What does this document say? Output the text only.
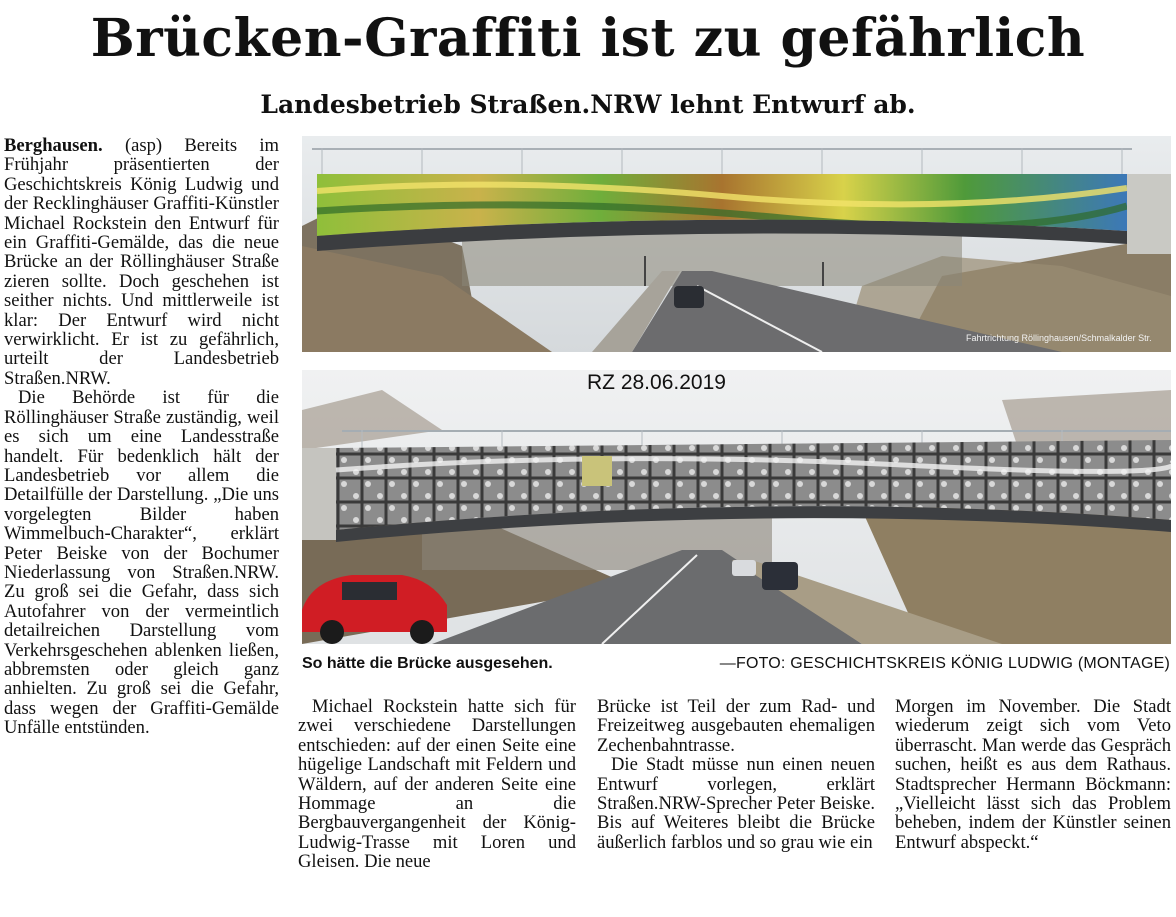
Brücken-Graffiti ist zu gefährlich
Landesbetrieb Straßen.NRW lehnt Entwurf ab.

Berghausen. (asp) Bereits im Frühjahr präsentierten der Geschichtskreis König Ludwig und der Recklinghäuser Graffiti-Künstler Michael Rockstein den Entwurf für ein Graffiti-Gemälde, das die neue Brücke an der Röllinghäuser Straße zieren sollte. Doch geschehen ist seither nichts. Und mittlerweile ist klar: Der Entwurf wird nicht verwirklicht. Er ist zu gefährlich, urteilt der Landesbetrieb Straßen.NRW.

Die Behörde ist für die Röllinghäuser Straße zuständig, weil es sich um eine Landesstraße handelt. Für bedenklich hält der Landesbetrieb vor allem die Detailfülle der Darstellung. „Die uns vorgelegten Bilder haben Wimmelbuch-Charakter“, erklärt Peter Beiske von der Bochumer Niederlassung von Straßen.NRW. Zu groß sei die Gefahr, dass sich Autofahrer von der vermeintlich detailreichen Darstellung vom Verkehrsgeschehen ablenken ließen, abbremsten oder gleich ganz anhielten. Zu groß sei die Gefahr, dass wegen der Graffiti-Gemälde Unfälle entstünden.

Fahrtrichtung Röllinghausen/Schmalkalder Str.
RZ 28.06.2019
So hätte die Brücke ausgesehen.	—FOTO: GESCHICHTSKREIS KÖNIG LUDWIG (MONTAGE)

Michael Rockstein hatte sich für zwei verschiedene Darstellungen entschieden: auf der einen Seite eine hügelige Landschaft mit Feldern und Wäldern, auf der anderen Seite eine Hommage an die Bergbauvergangenheit der König-Ludwig-Trasse mit Loren und Gleisen. Die neue

Brücke ist Teil der zum Rad- und Freizeitweg ausgebauten ehemaligen Zechenbahntrasse.

Die Stadt müsse nun einen neuen Entwurf vorlegen, erklärt Straßen.NRW-Sprecher Peter Beiske. Bis auf Weiteres bleibt die Brücke äußerlich farblos und so grau wie ein

Morgen im November. Die Stadt wiederum zeigt sich vom Veto überrascht. Man werde das Gespräch suchen, heißt es aus dem Rathaus. Stadtsprecher Hermann Böckmann: „Vielleicht lässt sich das Problem beheben, indem der Künstler seinen Entwurf abspeckt.“
